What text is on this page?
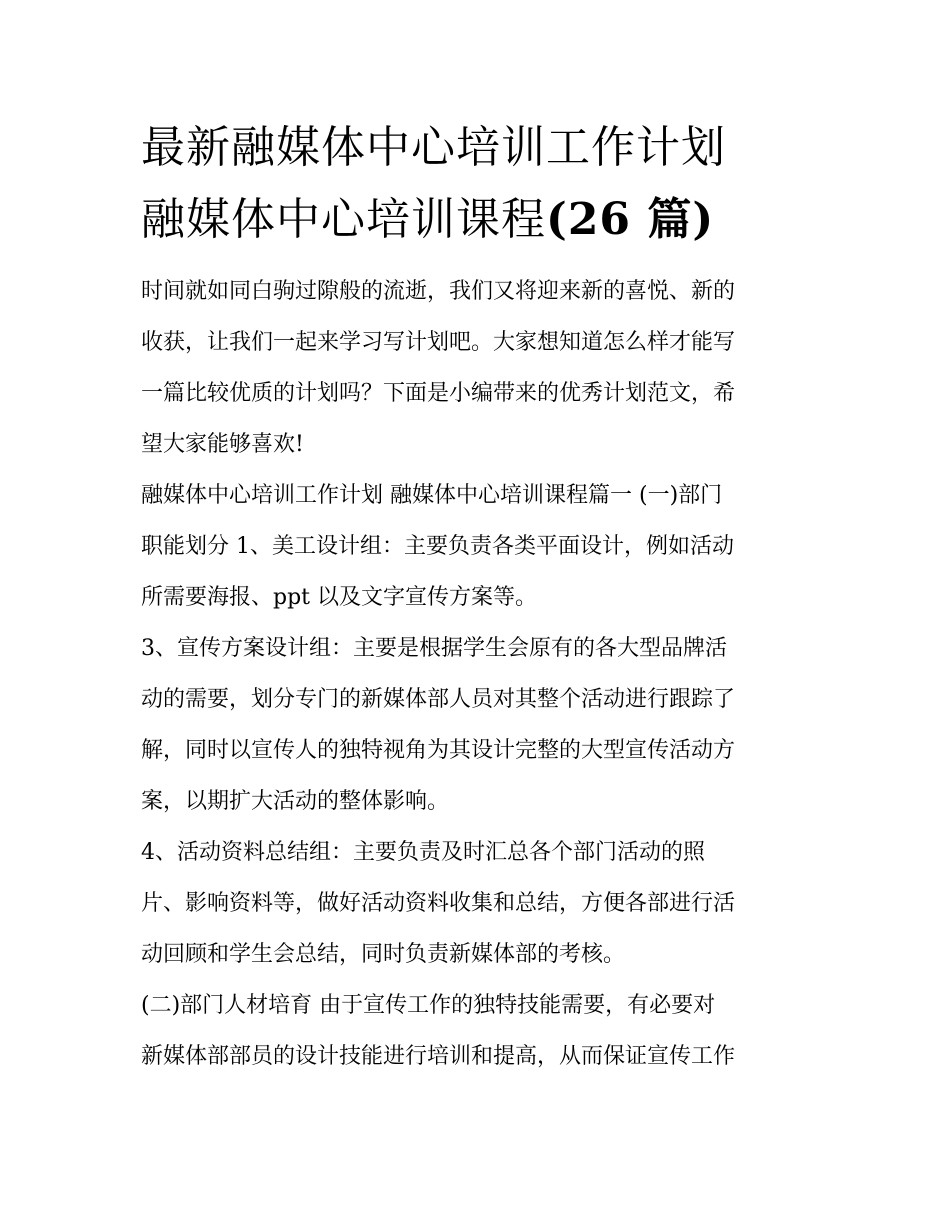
最新融媒体中心培训工作计划
融媒体中心培训课程(26 篇)
时间就如同白驹过隙般的流逝，我们又将迎来新的喜悦、新的
收获，让我们一起来学习写计划吧。大家想知道怎么样才能写
一篇比较优质的计划吗？下面是小编带来的优秀计划范文，希
望大家能够喜欢!
融媒体中心培训工作计划 融媒体中心培训课程篇一 (一)部门
职能划分 1、美工设计组：主要负责各类平面设计，例如活动
所需要海报、ppt 以及文字宣传方案等。
3、宣传方案设计组：主要是根据学生会原有的各大型品牌活
动的需要，划分专门的新媒体部人员对其整个活动进行跟踪了
解，同时以宣传人的独特视角为其设计完整的大型宣传活动方
案，以期扩大活动的整体影响。
4、活动资料总结组：主要负责及时汇总各个部门活动的照
片、影响资料等，做好活动资料收集和总结，方便各部进行活
动回顾和学生会总结，同时负责新媒体部的考核。
(二)部门人材培育 由于宣传工作的独特技能需要，有必要对
新媒体部部员的设计技能进行培训和提高，从而保证宣传工作
